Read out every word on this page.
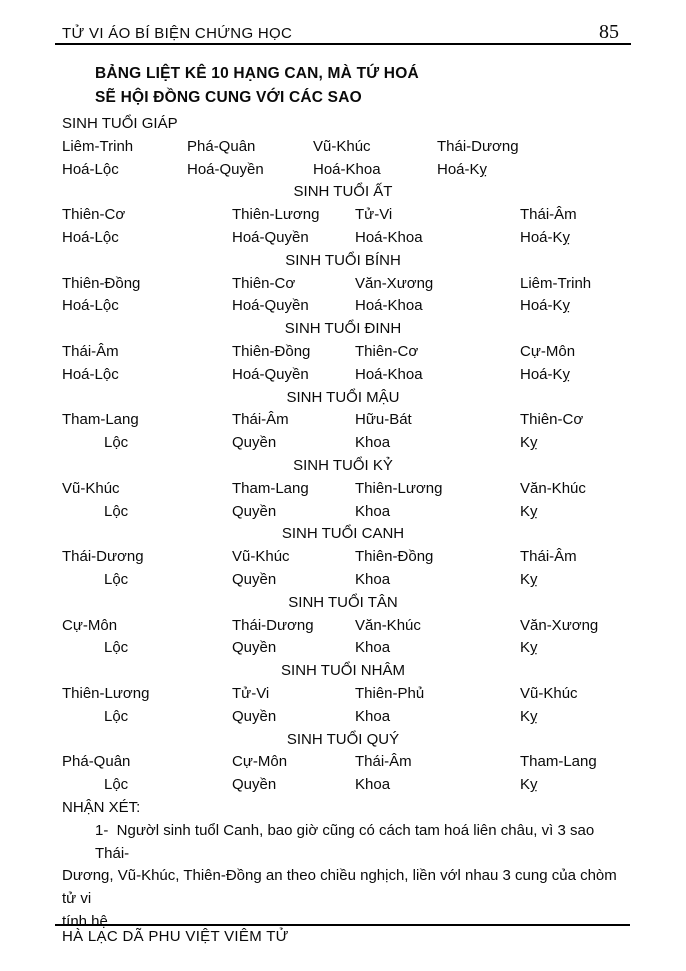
TỬ VI ÁO BÍ BIỆN CHỨNG HỌC	85
BẢNG LIỆT KÊ 10 HẠNG CAN, MÀ TỨ HOÁ
SẼ HỘI ĐỒNG CUNG VỚI CÁC SAO
SINH TUỔI GIÁP
Liêm-Trinh	Phá-Quân	Vũ-Khúc	Thái-Dương
Hoá-Lộc	Hoá-Quyền	Hoá-Khoa	Hoá-Kỵ
SINH TUỔI ẤT
Thiên-Cơ	Thiên-Lương	Tử-Vi	Thái-Âm
Hoá-Lộc	Hoá-Quyền	Hoá-Khoa	Hoá-Kỵ
SINH TUỔI BÍNH
Thiên-Đồng	Thiên-Cơ	Văn-Xương	Liêm-Trinh
Hoá-Lộc	Hoá-Quyền	Hoá-Khoa	Hoá-Kỵ
SINH TUỔI ĐINH
Thái-Âm	Thiên-Đồng	Thiên-Cơ	Cự-Môn
Hoá-Lộc	Hoá-Quyền	Hoá-Khoa	Hoá-Kỵ
SINH TUỔI MẬU
Tham-Lang	Thái-Âm	Hữu-Bát	Thiên-Cơ
Lộc	Quyền	Khoa	Kỵ
SINH TUỔI KỶ
Vũ-Khúc	Tham-Lang	Thiên-Lương	Văn-Khúc
Lộc	Quyền	Khoa	Kỵ
SINH TUỔI CANH
Thái-Dương	Vũ-Khúc	Thiên-Đồng	Thái-Âm
Lộc	Quyền	Khoa	Kỵ
SINH TUỔI TÂN
Cự-Môn	Thái-Dương	Văn-Khúc	Văn-Xương
Lộc	Quyền	Khoa	Kỵ
SINH TUỔI NHÂM
Thiên-Lương	Tử-Vi	Thiên-Phủ	Vũ-Khúc
Lộc	Quyền	Khoa	Kỵ
SINH TUỔI QUÝ
Phá-Quân	Cự-Môn	Thái-Âm	Tham-Lang
Lộc	Quyền	Khoa	Kỵ
NHẬN XÉT:
1-  Ngườl sinh tuổl Canh, bao giờ cũng có cách tam hoá liên châu, vì 3 sao Thái-
Dương, Vũ-Khúc, Thiên-Đồng an theo chiều nghịch, liền vớl nhau 3 cung của chòm tử vi
tính hệ .
HÀ LẠC DÃ PHU VIỆT VIÊM TỬ
